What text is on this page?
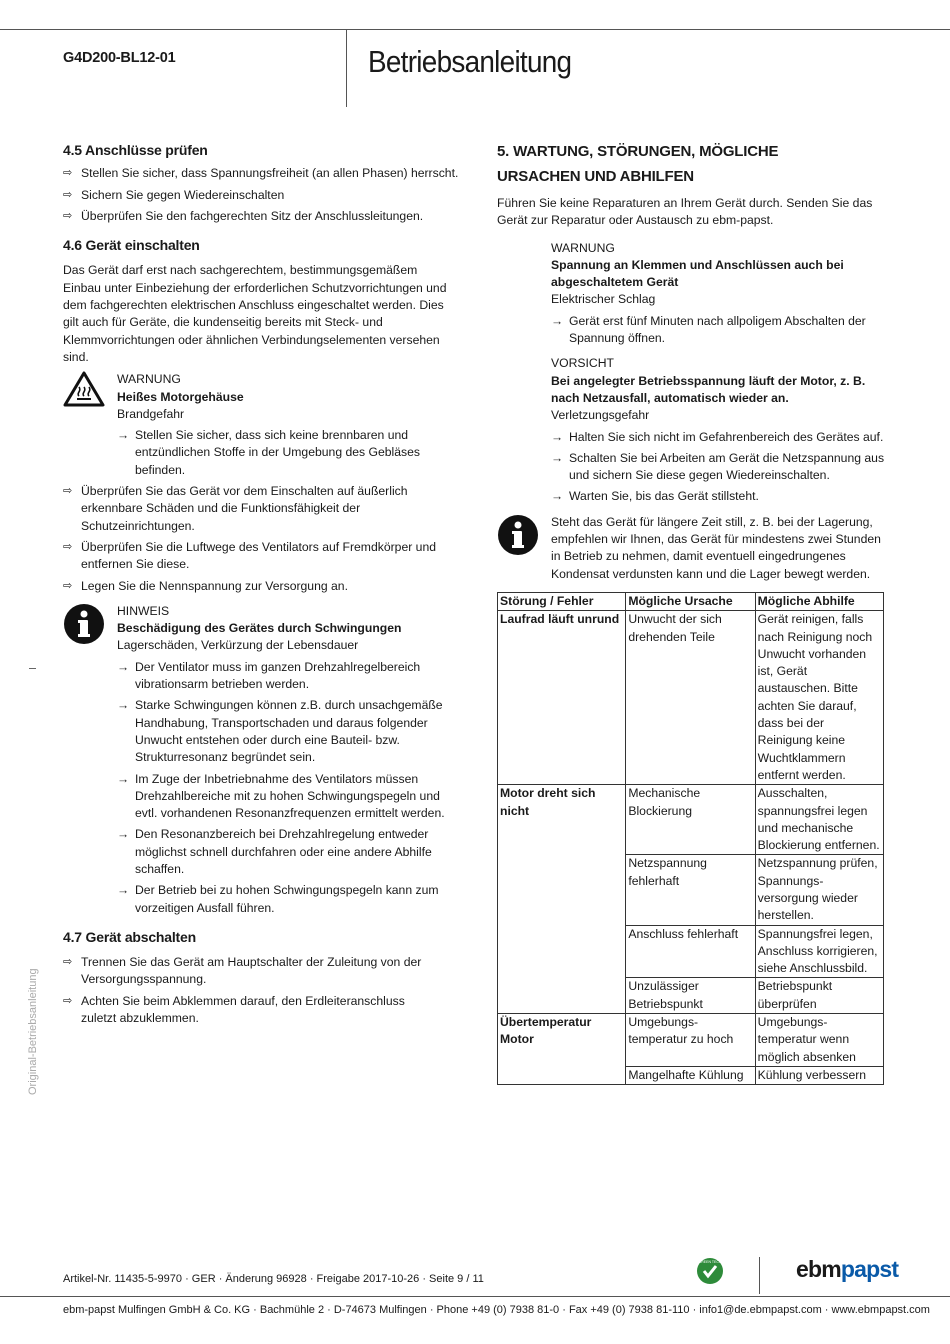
G4D200-BL12-01	Betriebsanleitung
4.5 Anschlüsse prüfen
⇨ Stellen Sie sicher, dass Spannungsfreiheit (an allen Phasen) herrscht.
⇨ Sichern Sie gegen Wiedereinschalten
⇨ Überprüfen Sie den fachgerechten Sitz der Anschlussleitungen.
4.6 Gerät einschalten

Das Gerät darf erst nach sachgerechtem, bestimmungsgemäßem Einbau unter Einbeziehung der erforderlichen Schutzvorrichtungen und dem fachgerechten elektrischen Anschluss eingeschaltet werden. Dies gilt auch für Geräte, die kundenseitig bereits mit Steck- und Klemmvorrichtungen oder ähnlichen Verbindungselementen versehen sind.

WARNUNG
Heißes Motorgehäuse
Brandgefahr
→ Stellen Sie sicher, dass sich keine brennbaren und entzündlichen Stoffe in der Umgebung des Gebläses befinden.
⇨ Überprüfen Sie das Gerät vor dem Einschalten auf äußerlich erkennbare Schäden und die Funktionsfähigkeit der Schutzeinrichtungen.
⇨ Überprüfen Sie die Luftwege des Ventilators auf Fremdkörper und entfernen Sie diese.
⇨ Legen Sie die Nennspannung zur Versorgung an.
HINWEIS
Beschädigung des Gerätes durch Schwingungen
Lagerschäden, Verkürzung der Lebensdauer
→ Der Ventilator muss im ganzen Drehzahlregelbereich vibrationsarm betrieben werden.
→ Starke Schwingungen können z.B. durch unsachgemäße Handhabung, Transportschaden und daraus folgender Unwucht entstehen oder durch eine Bauteil- bzw. Strukturresonanz begründet sein.
→ Im Zuge der Inbetriebnahme des Ventilators müssen Drehzahlbereiche mit zu hohen Schwingungspegeln und evtl. vorhandenen Resonanzfrequenzen ermittelt werden.
→ Den Resonanzbereich bei Drehzahlregelung entweder möglichst schnell durchfahren oder eine andere Abhilfe schaffen.
→ Der Betrieb bei zu hohen Schwingungspegeln kann zum vorzeitigen Ausfall führen.
4.7 Gerät abschalten
⇨ Trennen Sie das Gerät am Hauptschalter der Zuleitung von der Versorgungsspannung.
⇨ Achten Sie beim Abklemmen darauf, den Erdleiteranschluss zuletzt abzuklemmen.
5. WARTUNG, STÖRUNGEN, MÖGLICHE URSACHEN UND ABHILFEN

Führen Sie keine Reparaturen an Ihrem Gerät durch. Senden Sie das Gerät zur Reparatur oder Austausch zu ebm-papst.

WARNUNG
Spannung an Klemmen und Anschlüssen auch bei abgeschaltetem Gerät
Elektrischer Schlag
→ Gerät erst fünf Minuten nach allpoligem Abschalten der Spannung öffnen.
VORSICHT
Bei angelegter Betriebsspannung läuft der Motor, z. B. nach Netzausfall, automatisch wieder an.
Verletzungsgefahr
→ Halten Sie sich nicht im Gefahrenbereich des Gerätes auf.
→ Schalten Sie bei Arbeiten am Gerät die Netzspannung aus und sichern Sie diese gegen Wiedereinschalten.
→ Warten Sie, bis das Gerät stillsteht.
Steht das Gerät für längere Zeit still, z. B. bei der Lagerung, empfehlen wir Ihnen, das Gerät für mindestens zwei Stunden in Betrieb zu nehmen, damit eventuell eingedrungenes Kondensat verdunsten kann und die Lager bewegt werden.
Störung / Fehler	Mögliche Ursache	Mögliche Abhilfe
Laufrad läuft unrund	Unwucht der sich drehenden Teile	Gerät reinigen, falls nach Reinigung noch Unwucht vorhanden ist, Gerät austauschen. Bitte achten Sie darauf, dass bei der Reinigung keine Wuchtklammern entfernt werden.
Motor dreht sich nicht	Mechanische Blockierung	Ausschalten, spannungsfrei legen und mechanische Blockierung entfernen.
	Netzspannung fehlerhaft	Netzspannung prüfen, Spannungs-versorgung wieder herstellen.
	Anschluss fehlerhaft	Spannungsfrei legen, Anschluss korrigieren, siehe Anschlussbild.
	Unzulässiger Betriebspunkt	Betriebspunkt überprüfen
Übertemperatur Motor	Umgebungs-temperatur zu hoch	Umgebungs-temperatur wenn möglich absenken
	Mangelhafte Kühlung	Kühlung verbessern
Original-Betriebsanleitung
Artikel-Nr. 11435-5-9970 · GER · Änderung 96928 · Freigabe 2017-10-26 · Seite 9 / 11
GREEN TECH	ebmpapst
ebm-papst Mulfingen GmbH & Co. KG · Bachmühle 2 · D-74673 Mulfingen · Phone +49 (0) 7938 81-0 · Fax +49 (0) 7938 81-110 · info1@de.ebmpapst.com · www.ebmpapst.com
